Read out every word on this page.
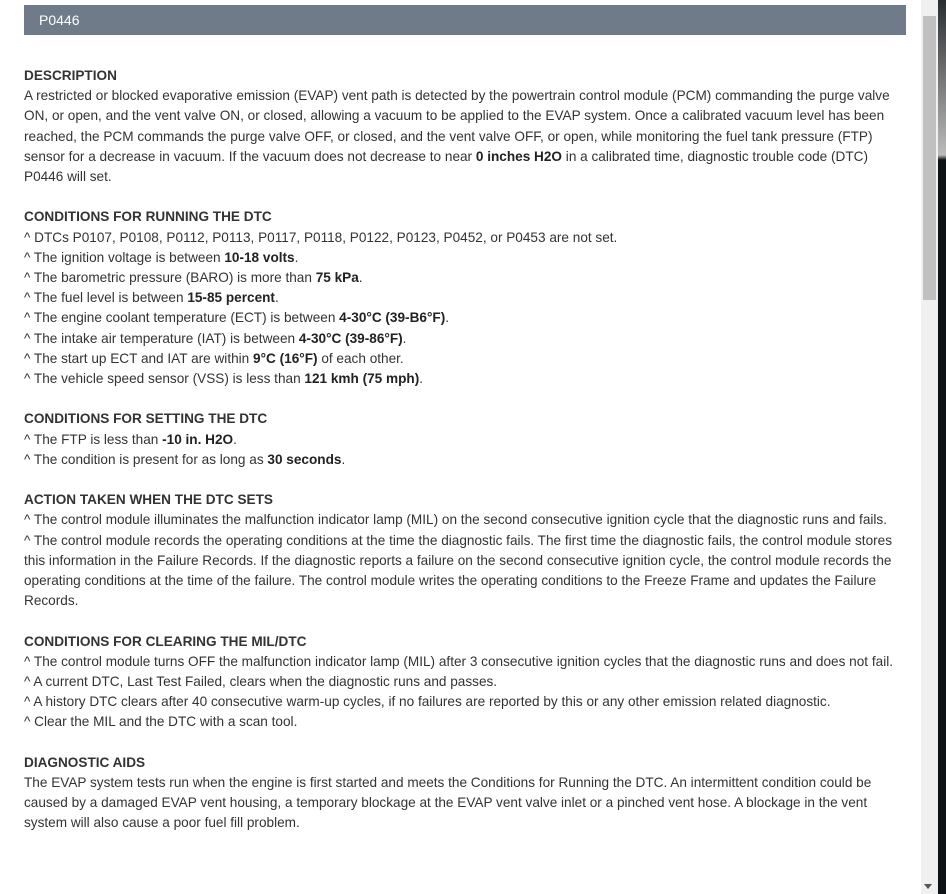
P0446
DESCRIPTION

A restricted or blocked evaporative emission (EVAP) vent path is detected by the powertrain control module (PCM) commanding the purge valve ON, or open, and the vent valve ON, or closed, allowing a vacuum to be applied to the EVAP system. Once a calibrated vacuum level has been reached, the PCM commands the purge valve OFF, or closed, and the vent valve OFF, or open, while monitoring the fuel tank pressure (FTP) sensor for a decrease in vacuum. If the vacuum does not decrease to near 0 inches H2O in a calibrated time, diagnostic trouble code (DTC) P0446 will set.

CONDITIONS FOR RUNNING THE DTC

^ DTCs P0107, P0108, P0112, P0113, P0117, P0118, P0122, P0123, P0452, or P0453 are not set.

^ The ignition voltage is between 10-18 volts.

^ The barometric pressure (BARO) is more than 75 kPa.

^ The fuel level is between 15-85 percent.

^ The engine coolant temperature (ECT) is between 4-30°C (39-B6°F).

^ The intake air temperature (IAT) is between 4-30°C (39-86°F).

^ The start up ECT and IAT are within 9°C (16°F) of each other.

^ The vehicle speed sensor (VSS) is less than 121 kmh (75 mph).

CONDITIONS FOR SETTING THE DTC

^ The FTP is less than -10 in. H2O.

^ The condition is present for as long as 30 seconds.

ACTION TAKEN WHEN THE DTC SETS

^ The control module illuminates the malfunction indicator lamp (MIL) on the second consecutive ignition cycle that the diagnostic runs and fails.

^ The control module records the operating conditions at the time the diagnostic fails. The first time the diagnostic fails, the control module stores this information in the Failure Records. If the diagnostic reports a failure on the second consecutive ignition cycle, the control module records the operating conditions at the time of the failure. The control module writes the operating conditions to the Freeze Frame and updates the Failure Records.

CONDITIONS FOR CLEARING THE MIL/DTC

^ The control module turns OFF the malfunction indicator lamp (MIL) after 3 consecutive ignition cycles that the diagnostic runs and does not fail.

^ A current DTC, Last Test Failed, clears when the diagnostic runs and passes.

^ A history DTC clears after 40 consecutive warm-up cycles, if no failures are reported by this or any other emission related diagnostic.

^ Clear the MIL and the DTC with a scan tool.

DIAGNOSTIC AIDS

The EVAP system tests run when the engine is first started and meets the Conditions for Running the DTC. An intermittent condition could be caused by a damaged EVAP vent housing, a temporary blockage at the EVAP vent valve inlet or a pinched vent hose. A blockage in the vent system will also cause a poor fuel fill problem.
